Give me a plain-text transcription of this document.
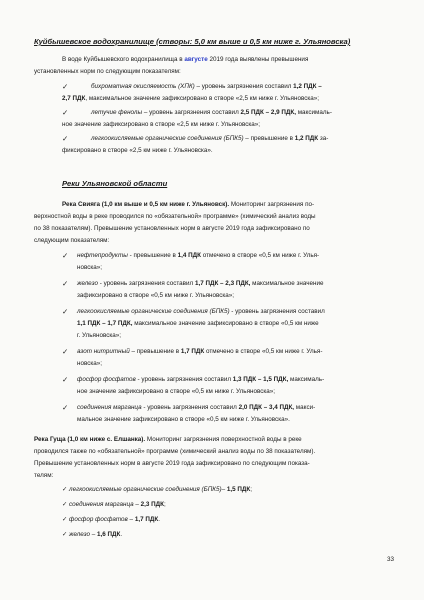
Куйбышевское водохранилище (створы: 5,0 км выше и 0,5 км ниже г. Ульяновска)
В воде Куйбышевского водохранилища в августе 2019 года выявлены превышения
установленных норм по следующим показателям:
✓	бихроматная окисляемость (ХПК) – уровень загрязнения составил 1,2 ПДК –
2,7 ПДК, максимальное значение зафиксировано в створе «2,5 км ниже г. Ульяновска»;
✓	летучие фенолы – уровень загрязнения составил 2,5 ПДК – 2,9 ПДК, максималь-
ное значение зафиксировано в створе «2,5 км ниже г. Ульяновска»;
✓	легкоокисляемые органические соединения (БПК5) – превышение в 1,2 ПДК за-
фиксировано в створе «2,5 км ниже г. Ульяновска».
Реки Ульяновской области
Река Свияга (1,0 км выше и 0,5 км ниже г. Ульяновск). Мониторинг загрязнения по-
верхностной воды в реке проводился по «обязательной» программе» (химический анализ воды
по 38 показателям). Превышение установленных норм в августе 2019 года зафиксировано по
следующим показателям:
✓ нефтепродукты - превышение в 1,4 ПДК отмечено в створе «0,5 км ниже г. Улья-
новска»;
✓ железо - уровень загрязнения составил 1,7 ПДК – 2,3 ПДК, максимальное значение
зафиксировано в створе «0,5 км ниже г. Ульяновска»;
✓ легкоокисляемые органические соединения (БПК5) - уровень загрязнения составил
1,1 ПДК – 1,7 ПДК, максимальное значение зафиксировано в створе «0,5 км ниже
г. Ульяновска»;
✓ азот нитритный – превышение в 1,7 ПДК отмечено в створе «0,5 км ниже г. Улья-
новска»;
✓ фосфор фосфатов - уровень загрязнения составил 1,3 ПДК – 1,5 ПДК, максималь-
ное значение зафиксировано в створе «0,5 км ниже г. Ульяновска»;
✓ соединения марганца - уровень загрязнения составил 2,0 ПДК – 3,4 ПДК, макси-
мальное значение зафиксировано в створе «0,5 км ниже г. Ульяновска».
Река Гуща (1,0 км ниже с. Елшанка). Мониторинг загрязнения поверхностной воды в реке
проводился также по «обязательной» программе (химический анализ воды по 38 показателям).
Превышение установленных норм в августе 2019 года зафиксировано по следующим показа-
телям:
✓ легкоокисляемые органические соединения (БПК5)– 1,5 ПДК;
✓ соединения марганца – 2,3 ПДК;
✓ фосфор фосфатов – 1,7 ПДК.
✓ железо – 1,6 ПДК.
33
